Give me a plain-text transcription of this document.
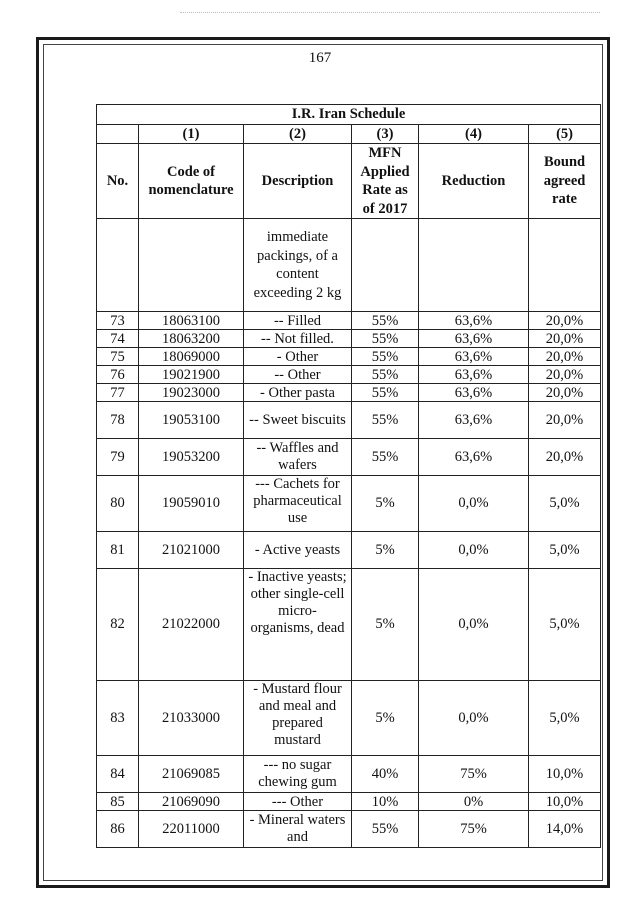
167
I.R. Iran Schedule					
	(1)	(2)	(3)	(4)	(5)
No.	Code of nomenclature	Description	MFN Applied Rate as of 2017	Reduction	Bound agreed rate
		immediate packings, of a content exceeding 2 kg			
73	18063100	-- Filled	55%	63,6%	20,0%
74	18063200	-- Not filled.	55%	63,6%	20,0%
75	18069000	- Other	55%	63,6%	20,0%
76	19021900	-- Other	55%	63,6%	20,0%
77	19023000	- Other pasta	55%	63,6%	20,0%
78	19053100	-- Sweet biscuits	55%	63,6%	20,0%
79	19053200	-- Waffles and wafers	55%	63,6%	20,0%
80	19059010	--- Cachets for pharmaceutical use	5%	0,0%	5,0%
81	21021000	- Active yeasts	5%	0,0%	5,0%
82	21022000	- Inactive yeasts; other single-cell micro-organisms, dead	5%	0,0%	5,0%
83	21033000	- Mustard flour and meal and prepared mustard	5%	0,0%	5,0%
84	21069085	--- no sugar chewing gum	40%	75%	10,0%
85	21069090	--- Other	10%	0%	10,0%
86	22011000	- Mineral waters and	55%	75%	14,0%
